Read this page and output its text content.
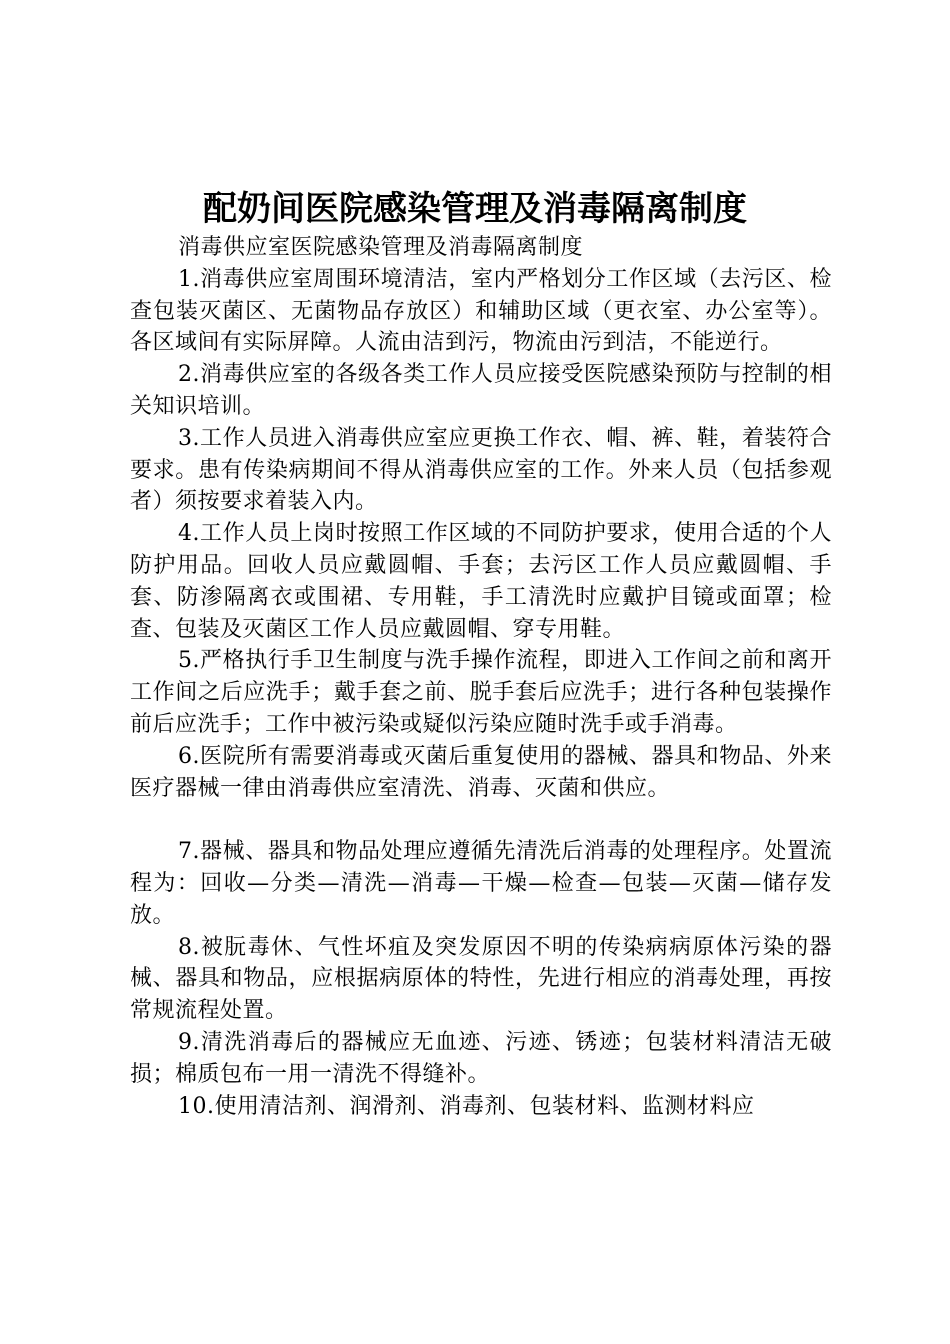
配奶间医院感染管理及消毒隔离制度

消毒供应室医院感染管理及消毒隔离制度

1.消毒供应室周围环境清洁，室内严格划分工作区域（去污区、检查包装灭菌区、无菌物品存放区）和辅助区域（更衣室、办公室等）。各区域间有实际屏障。人流由洁到污，物流由污到洁，不能逆行。

2.消毒供应室的各级各类工作人员应接受医院感染预防与控制的相关知识培训。

3.工作人员进入消毒供应室应更换工作衣、帽、裤、鞋，着装符合要求。患有传染病期间不得从消毒供应室的工作。外来人员（包括参观者）须按要求着装入内。

4.工作人员上岗时按照工作区域的不同防护要求，使用合适的个人防护用品。回收人员应戴圆帽、手套；去污区工作人员应戴圆帽、手套、防渗隔离衣或围裙、专用鞋，手工清洗时应戴护目镜或面罩；检查、包装及灭菌区工作人员应戴圆帽、穿专用鞋。

5.严格执行手卫生制度与洗手操作流程，即进入工作间之前和离开工作间之后应洗手；戴手套之前、脱手套后应洗手；进行各种包装操作前后应洗手；工作中被污染或疑似污染应随时洗手或手消毒。

6.医院所有需要消毒或灭菌后重复使用的器械、器具和物品、外来医疗器械一律由消毒供应室清洗、消毒、灭菌和供应。

7.器械、器具和物品处理应遵循先清洗后消毒的处理程序。处置流程为：回收—分类—清洗—消毒—干燥—检查—包装—灭菌—储存发放。

8.被朊毒休、气性坏疽及突发原因不明的传染病病原体污染的器械、器具和物品，应根据病原体的特性，先进行相应的消毒处理，再按常规流程处置。

9.清洗消毒后的器械应无血迹、污迹、锈迹；包装材料清洁无破损；棉质包布一用一清洗不得缝补。

10.使用清洁剂、润滑剂、消毒剂、包装材料、监测材料应
